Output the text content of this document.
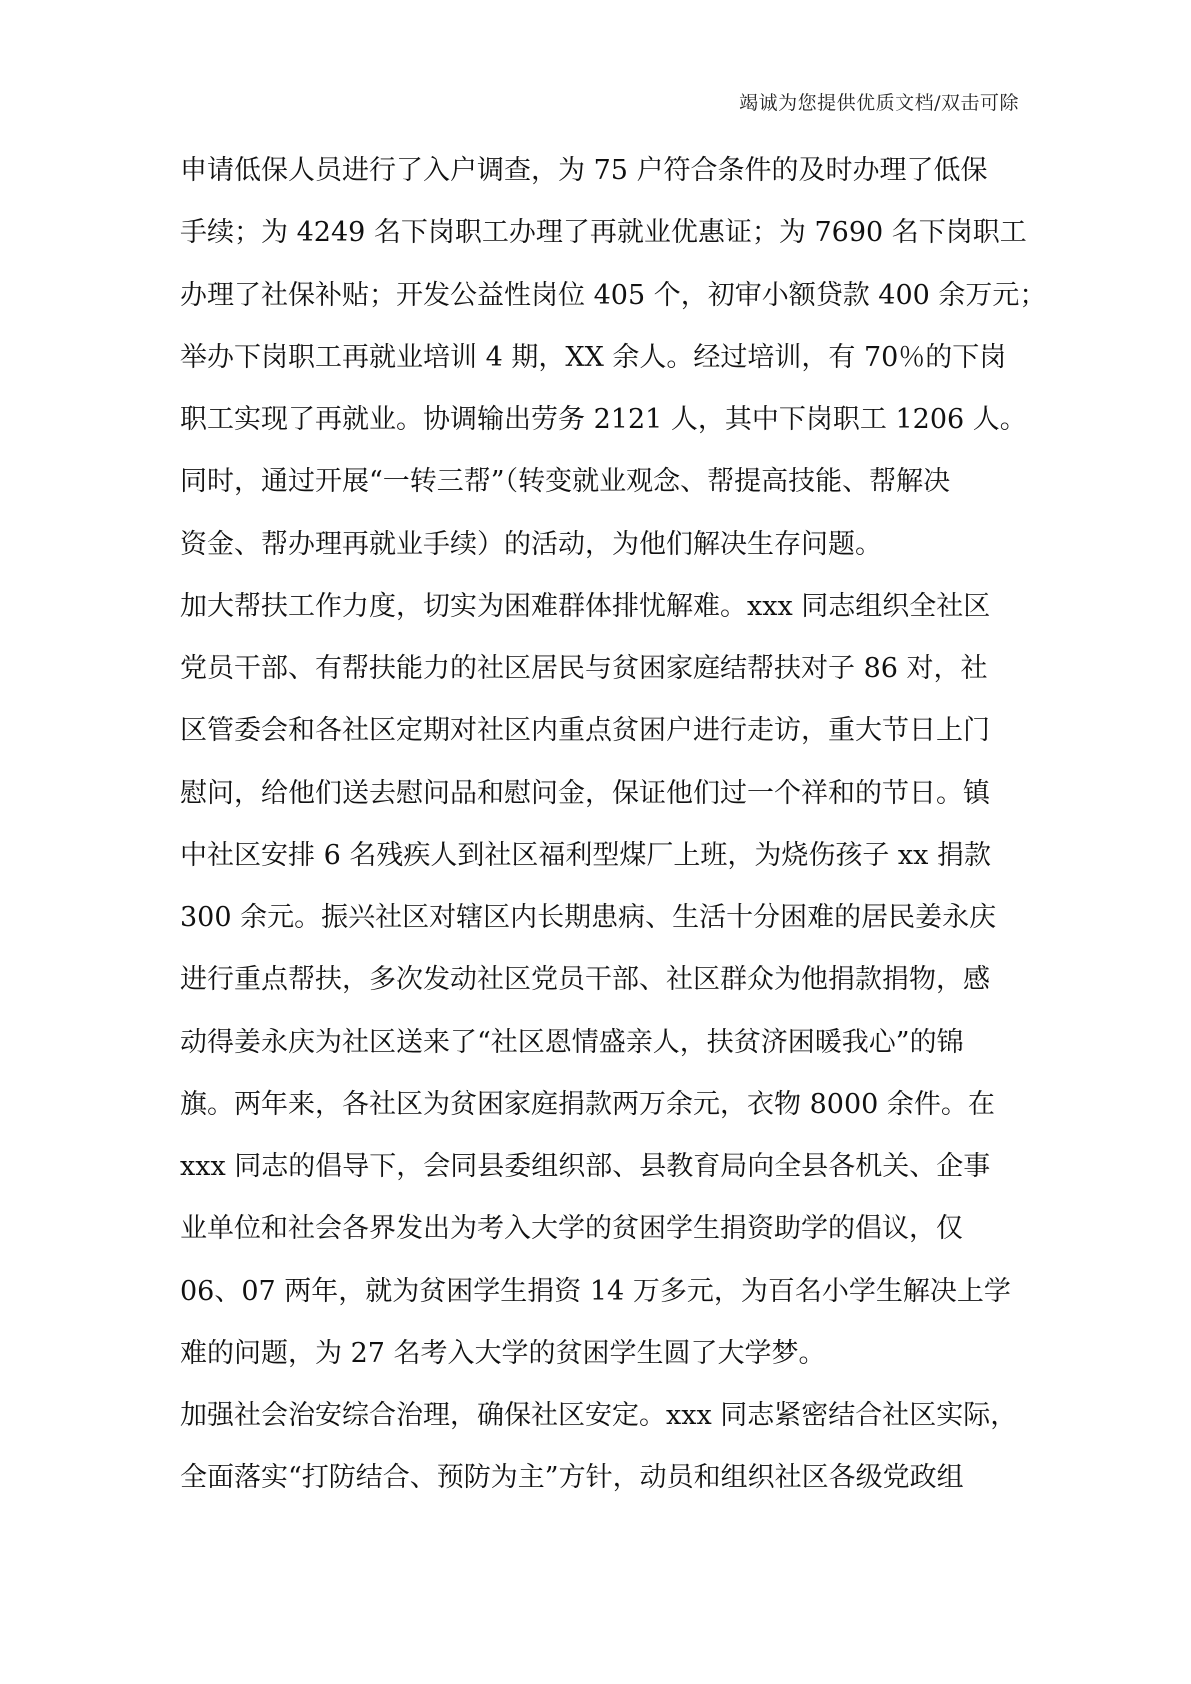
竭诚为您提供优质文档/双击可除
申请低保人员进行了入户调查，为 75 户符合条件的及时办理了低保
手续；为 4249 名下岗职工办理了再就业优惠证；为 7690 名下岗职工
办理了社保补贴；开发公益性岗位 405 个，初审小额贷款 400 余万元；
举办下岗职工再就业培训 4 期，XX 余人。经过培训，有 70％的下岗
职工实现了再就业。协调输出劳务 2121 人，其中下岗职工 1206 人。
同时，通过开展“一转三帮”（转变就业观念、帮提高技能、帮解决
资金、帮办理再就业手续）的活动，为他们解决生存问题。
加大帮扶工作力度，切实为困难群体排忧解难。xxx 同志组织全社区
党员干部、有帮扶能力的社区居民与贫困家庭结帮扶对子 86 对，社
区管委会和各社区定期对社区内重点贫困户进行走访，重大节日上门
慰问，给他们送去慰问品和慰问金，保证他们过一个祥和的节日。镇
中社区安排 6 名残疾人到社区福利型煤厂上班，为烧伤孩子 xx 捐款
300 余元。振兴社区对辖区内长期患病、生活十分困难的居民姜永庆
进行重点帮扶，多次发动社区党员干部、社区群众为他捐款捐物，感
动得姜永庆为社区送来了“社区恩情盛亲人，扶贫济困暖我心”的锦
旗。两年来，各社区为贫困家庭捐款两万余元，衣物 8000 余件。在
xxx 同志的倡导下，会同县委组织部、县教育局向全县各机关、企事
业单位和社会各界发出为考入大学的贫困学生捐资助学的倡议，仅
06、07 两年，就为贫困学生捐资 14 万多元，为百名小学生解决上学
难的问题，为 27 名考入大学的贫困学生圆了大学梦。
加强社会治安综合治理，确保社区安定。xxx 同志紧密结合社区实际，
全面落实“打防结合、预防为主”方针，动员和组织社区各级党政组
